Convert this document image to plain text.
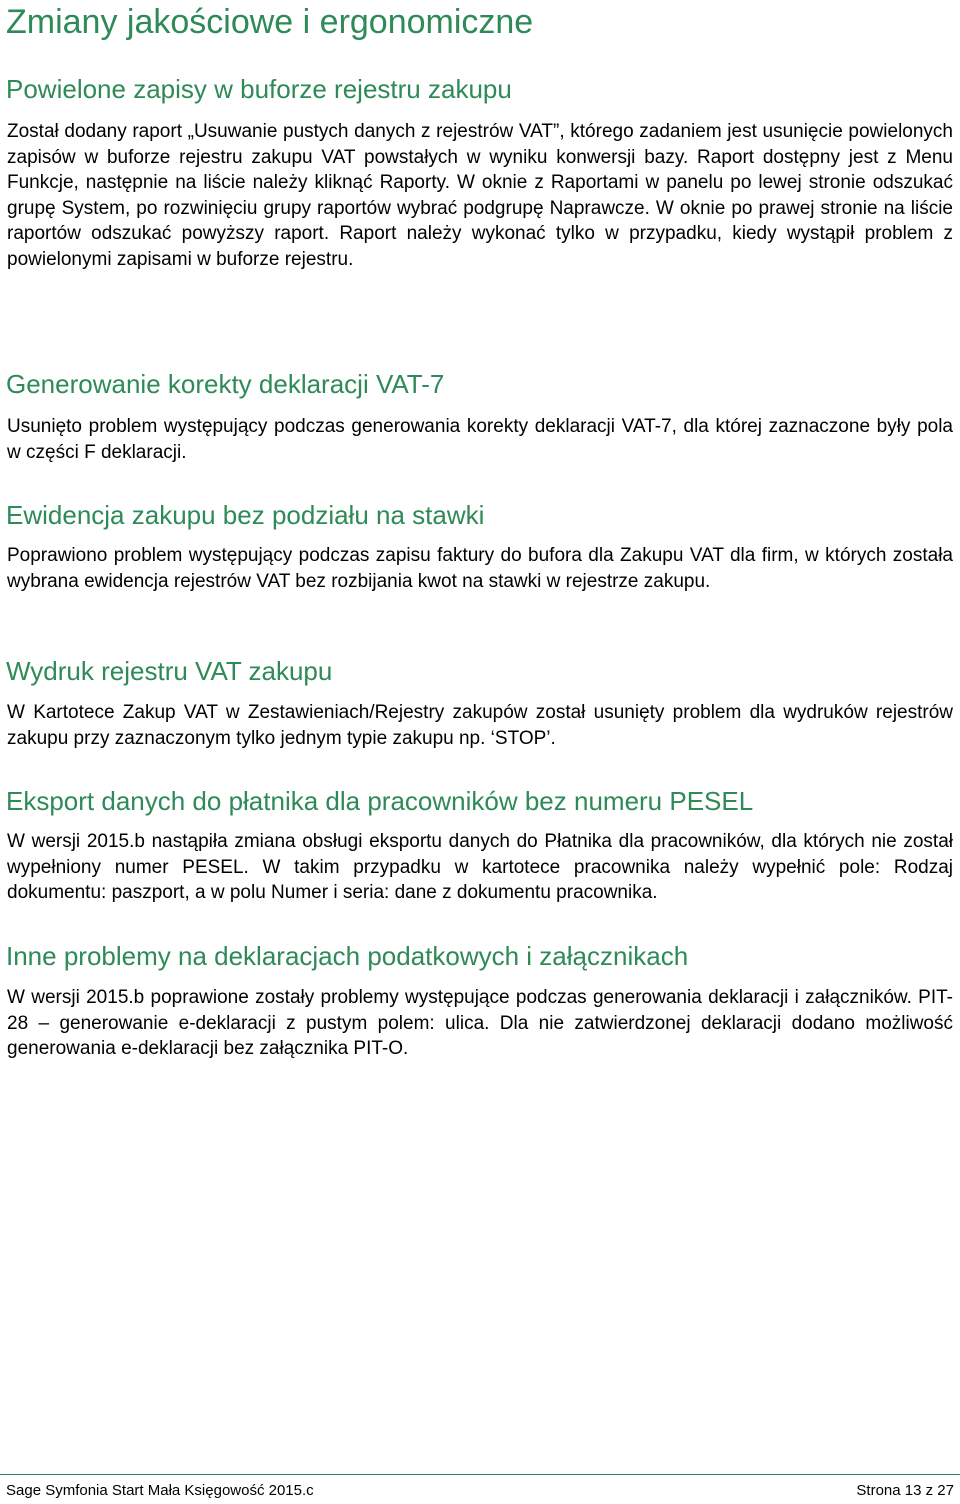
Zmiany jakościowe i ergonomiczne
Powielone zapisy w buforze rejestru zakupu

Został dodany raport „Usuwanie pustych danych z rejestrów VAT”, którego zadaniem jest usunięcie powielonych zapisów w buforze rejestru zakupu VAT powstałych w wyniku konwersji bazy. Raport dostępny jest z Menu Funkcje, następnie na liście należy kliknąć Raporty. W oknie z Raportami w panelu po lewej stronie odszukać grupę System, po rozwinięciu grupy raportów wybrać podgrupę Naprawcze. W oknie po prawej stronie na liście raportów odszukać powyższy raport. Raport należy wykonać tylko w przypadku, kiedy wystąpił problem z powielonymi zapisami w buforze rejestru.

Generowanie korekty deklaracji VAT-7

Usunięto problem występujący podczas generowania korekty deklaracji VAT-7, dla której zaznaczone były pola w części F deklaracji.

Ewidencja zakupu bez podziału na stawki

Poprawiono problem występujący podczas zapisu faktury do bufora dla Zakupu VAT dla firm, w których została wybrana ewidencja rejestrów VAT bez rozbijania kwot na stawki w rejestrze zakupu.

Wydruk rejestru VAT zakupu

W Kartotece Zakup VAT w Zestawieniach/Rejestry zakupów został usunięty problem dla wydruków rejestrów zakupu przy zaznaczonym tylko jednym typie zakupu np. ‘STOP’.

Eksport danych do płatnika dla pracowników bez numeru PESEL

W wersji 2015.b nastąpiła zmiana obsługi eksportu danych do Płatnika dla pracowników, dla których nie został wypełniony numer PESEL. W takim przypadku w kartotece pracownika należy wypełnić pole: Rodzaj dokumentu: paszport, a w polu Numer i seria: dane z dokumentu pracownika.

Inne problemy na deklaracjach podatkowych i załącznikach

W wersji 2015.b poprawione zostały problemy występujące podczas generowania deklaracji i załączników. PIT-28 – generowanie e-deklaracji z pustym polem: ulica. Dla nie zatwierdzonej deklaracji dodano możliwość generowania e-deklaracji bez załącznika PIT-O.

Sage Symfonia Start Mała Księgowość 2015.c	Strona 13 z 27
